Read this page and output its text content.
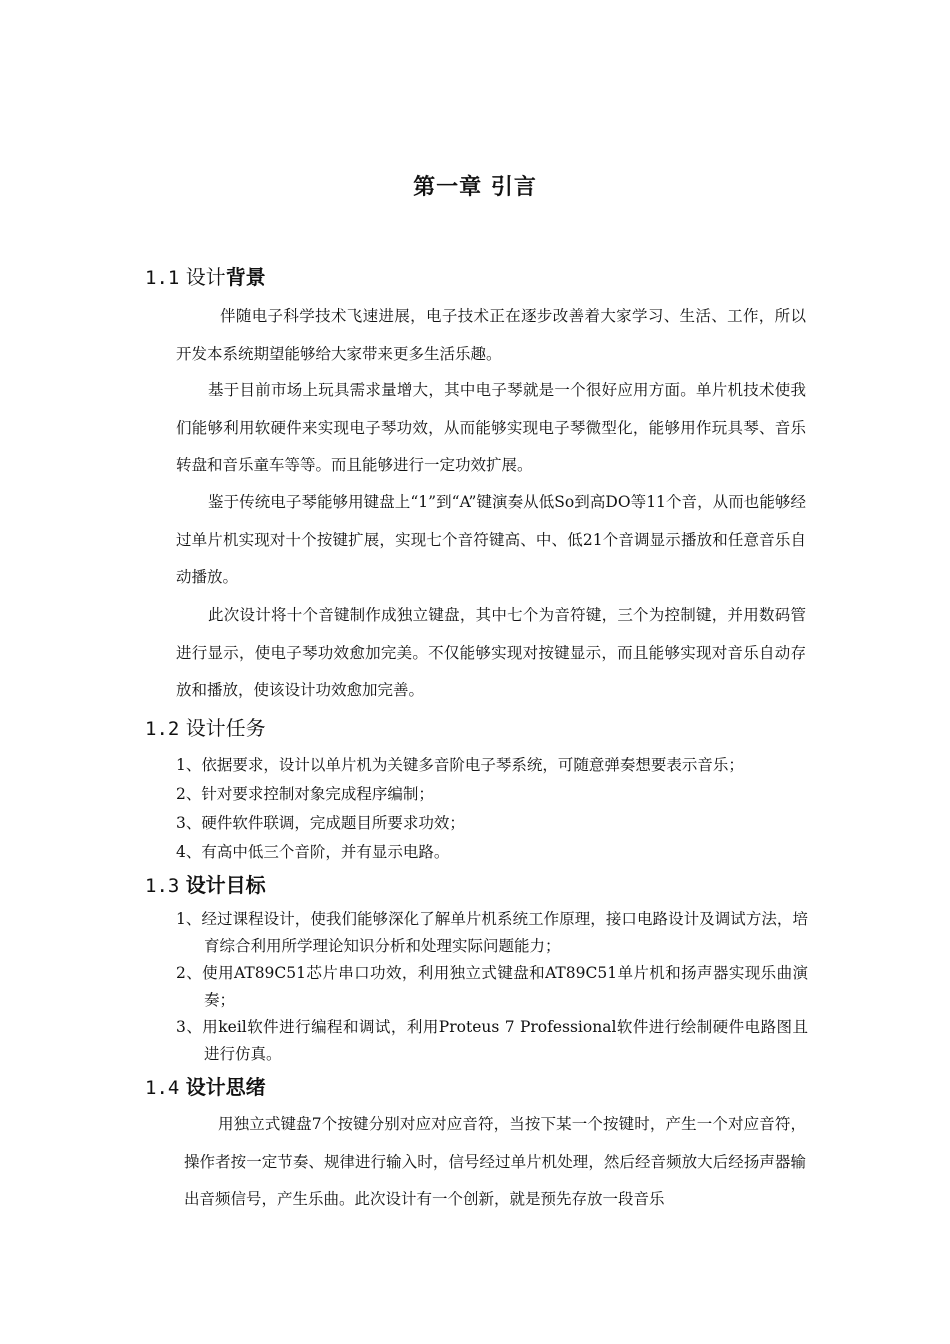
第一章 引言
1.1 设计背景

伴随电子科学技术飞速进展，电子技术正在逐步改善着大家学习、生活、工作，所以开发本系统期望能够给大家带来更多生活乐趣。

基于目前市场上玩具需求量增大，其中电子琴就是一个很好应用方面。单片机技术使我们能够利用软硬件来实现电子琴功效，从而能够实现电子琴微型化，能够用作玩具琴、音乐转盘和音乐童车等等。而且能够进行一定功效扩展。

鉴于传统电子琴能够用键盘上“1”到“A”键演奏从低So到高DO等11个音，从而也能够经过单片机实现对十个按键扩展，实现七个音符键高、中、低21个音调显示播放和任意音乐自动播放。

此次设计将十个音键制作成独立键盘，其中七个为音符键，三个为控制键，并用数码管进行显示，使电子琴功效愈加完美。不仅能够实现对按键显示，而且能够实现对音乐自动存放和播放，使该设计功效愈加完善。

1.2 设计任务
1、依据要求，设计以单片机为关键多音阶电子琴系统，可随意弹奏想要表示音乐；
2、针对要求控制对象完成程序编制；
3、硬件软件联调，完成题目所要求功效；
4、有高中低三个音阶，并有显示电路。
1.3 设计目标
1、经过课程设计，使我们能够深化了解单片机系统工作原理，接口电路设计及调试方法，培育综合利用所学理论知识分析和处理实际问题能力；
2、使用AT89C51芯片串口功效，利用独立式键盘和AT89C51单片机和扬声器实现乐曲演奏；
3、用keil软件进行编程和调试，利用Proteus 7 Professional软件进行绘制硬件电路图且进行仿真。
1.4 设计思绪

用独立式键盘7个按键分别对应对应音符，当按下某一个按键时，产生一个对应音符，操作者按一定节奏、规律进行输入时，信号经过单片机处理，然后经音频放大后经扬声器输出音频信号，产生乐曲。此次设计有一个创新，就是预先存放一段音乐
